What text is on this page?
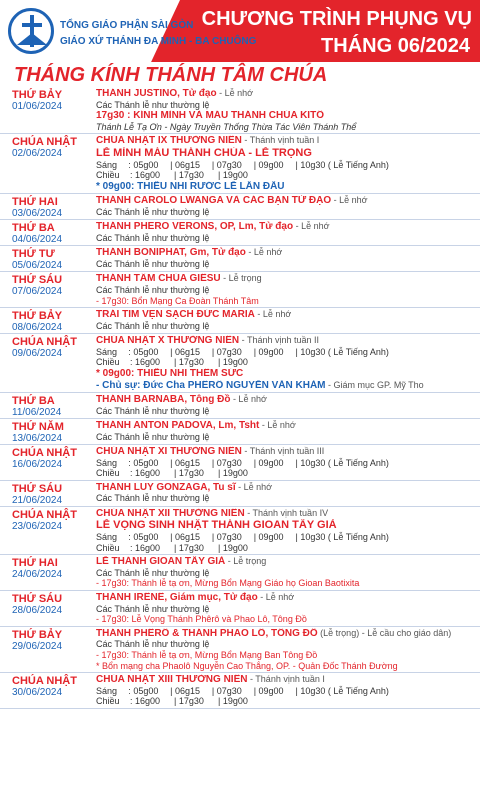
TỔNG GIÁO PHẬN SÀI GÒN
GIÁO XỨ THÁNH ĐA MINH - BA CHUÔNG
CHƯƠNG TRÌNH PHỤNG VỤ
THÁNG 06/2024
THÁNG KÍNH THÁNH TÂM CHÚA
THỨ BẢY
01/06/2024
THÁNH JUSTINO, Tử đạo - Lễ nhớ
Các Thánh lễ như thường lệ
17g30 : KÍNH MÌNH VÀ MÁU THÁNH CHÚA KITÔ
Thánh Lễ Tạ Ơn - Ngày Truyền Thống Thừa Tác Viên Thánh Thể
CHÚA NHẬT
02/06/2024
CHÚA NHẬT IX THƯỜNG NIÊN - Thánh vịnh tuần I
LỄ MÌNH MÁU THÁNH CHÚA - LỄ TRỌNG
Sáng	: 05g00	| 06g15	| 07g30	| 09g00	| 10g30 ( Lễ Tiếng Anh)
Chiều	: 16g00	| 17g30	| 19g00
* 09g00: THIẾU NHI RƯỚC LỄ LẦN ĐẦU
THỨ HAI
03/06/2024
THÁNH CAROLO LWANGA VÀ CÁC BẠN TỬ ĐẠO - Lễ nhớ
Các Thánh lễ như thường lệ
THỨ BA
04/06/2024
THÁNH PHERO VERONS, OP, Lm, Tử đạo - Lễ nhớ
Các Thánh lễ như thường lệ
THỨ TƯ
05/06/2024
THÁNH BONIPHAT, Gm, Tử đạo - Lễ nhớ
Các Thánh lễ như thường lệ
THỨ SÁU
07/06/2024
THÁNH TÂM CHÚA GIÊSU - Lễ trọng
Các Thánh lễ như thường lệ
- 17g30: Bổn Mạng Ca Đoàn Thánh Tâm
THỨ BẢY
08/06/2024
TRÁI TIM VẸN SẠCH ĐỨC MARIA - Lễ nhớ
Các Thánh lễ như thường lệ
CHÚA NHẬT
09/06/2024
CHÚA NHẬT X THƯỜNG NIÊN - Thánh vịnh tuần II
Sáng	: 05g00	| 06g15	| 07g30	| 09g00	| 10g30 ( Lễ Tiếng Anh)
Chiều	: 16g00	| 17g30	| 19g00
* 09g00: THIẾU NHI THÊM SỨC
- Chủ sự: Đức Cha PHÊRÔ NGUYỄN VĂN KHẢM - Giám mục GP. Mỹ Tho
THỨ BA
11/06/2024
THÁNH BARNABA, Tông Đồ - Lễ nhớ
Các Thánh lễ như thường lệ
THỨ NĂM
13/06/2024
THÁNH ANTON PADOVA, Lm, Tsht - Lễ nhớ
Các Thánh lễ như thường lệ
CHÚA NHẬT
16/06/2024
CHÚA NHẬT XI THƯỜNG NIÊN - Thánh vịnh tuần III
Sáng	: 05g00	| 06g15	| 07g30	| 09g00	| 10g30 ( Lễ Tiếng Anh)
Chiều	: 16g00	| 17g30	| 19g00
THỨ SÁU
21/06/2024
THÁNH LUY GONZAGA, Tu sĩ - Lễ nhớ
Các Thánh lễ như thường lệ
CHÚA NHẬT
23/06/2024
CHÚA NHẬT XII THƯỜNG NIÊN - Thánh vịnh tuần IV
LỄ VỌNG SINH NHẬT THÁNH GIOAN TẨY GIẢ
Sáng	: 05g00	| 06g15	| 07g30	| 09g00	| 10g30 ( Lễ Tiếng Anh)
Chiều	: 16g00	| 17g30	| 19g00
THỨ HAI
24/06/2024
LỄ THÁNH GIOAN TẨY GIẢ - Lễ trọng
Các Thánh lễ như thường lệ
- 17g30: Thánh lễ tạ ơn, Mừng Bổn Mạng Giáo họ Gioan Baotixita
THỨ SÁU
28/06/2024
THÁNH IRÊNÊ, Giám mục, Tử đạo - Lễ nhớ
Các Thánh lễ như thường lệ
- 17g30: Lễ Vọng Thánh Phêrô và Phao Lô, Tông Đồ
THỨ BẢY
29/06/2024
THÁNH PHÊRÔ & THÁNH PHAO LÔ, TÔNG ĐỒ (Lễ trọng) - Lễ cầu cho giáo dân)
Các Thánh lễ như thường lệ
- 17g30: Thánh lễ tạ ơn, Mừng Bổn Mạng Ban Tông Đồ
* Bổn mạng cha Phaolô Nguyễn Cao Thắng, OP. - Quản Đốc Thánh Đường
CHÚA NHẬT
30/06/2024
CHÚA NHẬT XIII THƯỜNG NIÊN - Thánh vịnh tuần I
Sáng	: 05g00	| 06g15	| 07g30	| 09g00	| 10g30 ( Lễ Tiếng Anh)
Chiều	: 16g00	| 17g30	| 19g00
